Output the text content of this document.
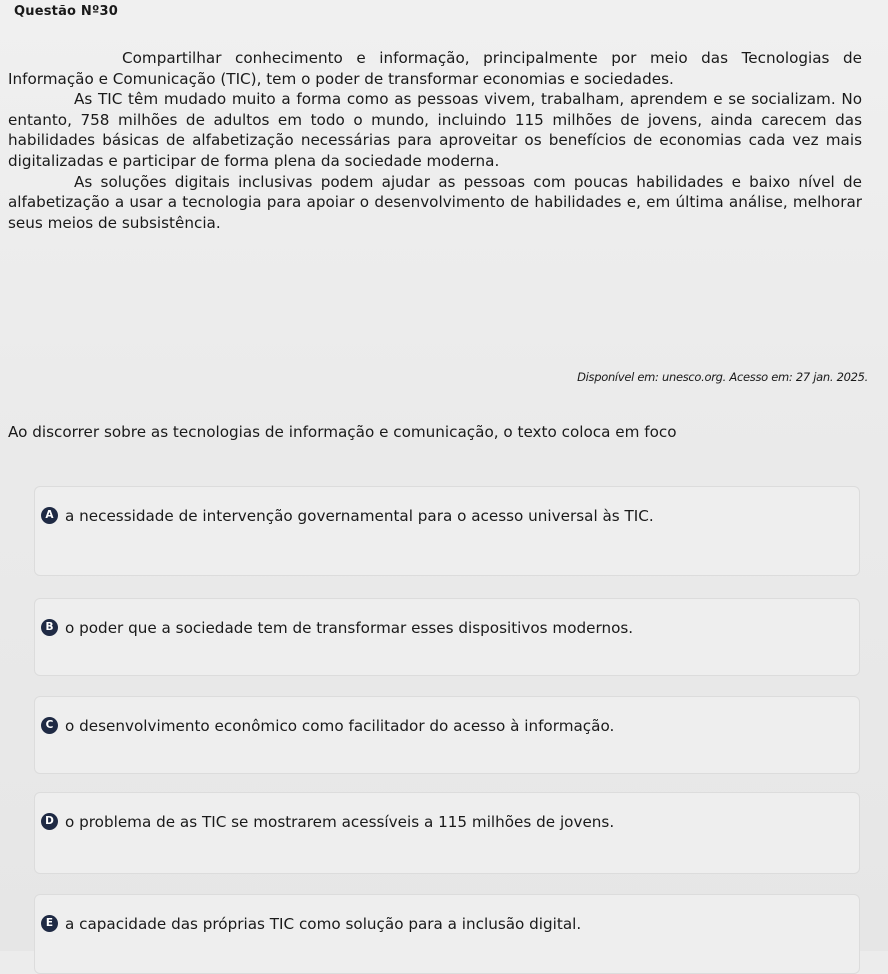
Questão Nº30

Compartilhar conhecimento e informação, principalmente por meio das Tecnologias de Informação e Comunicação (TIC), tem o poder de transformar economias e sociedades.

As TIC têm mudado muito a forma como as pessoas vivem, trabalham, aprendem e se socializam. No entanto, 758 milhões de adultos em todo o mundo, incluindo 115 milhões de jovens, ainda carecem das habilidades básicas de alfabetização necessárias para aproveitar os benefícios de economias cada vez mais digitalizadas e participar de forma plena da sociedade moderna.

As soluções digitais inclusivas podem ajudar as pessoas com poucas habilidades e baixo nível de alfabetização a usar a tecnologia para apoiar o desenvolvimento de habilidades e, em última análise, melhorar seus meios de subsistência.

Disponível em: unesco.org. Acesso em: 27 jan. 2025.
Ao discorrer sobre as tecnologias de informação e comunicação, o texto coloca em foco
A a necessidade de intervenção governamental para o acesso universal às TIC.
B o poder que a sociedade tem de transformar esses dispositivos modernos.
C o desenvolvimento econômico como facilitador do acesso à informação.
D o problema de as TIC se mostrarem acessíveis a 115 milhões de jovens.
E a capacidade das próprias TIC como solução para a inclusão digital.
